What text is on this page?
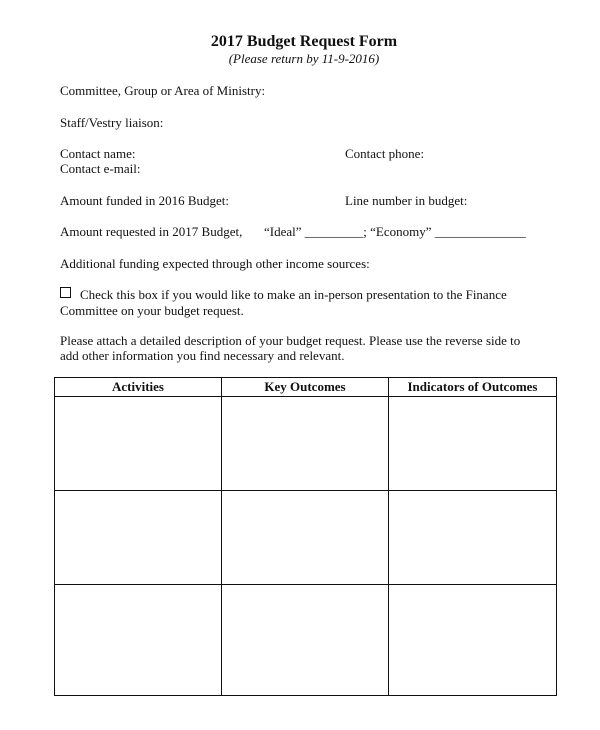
2017 Budget Request Form
(Please return by 11-9-2016)
Committee, Group or Area of Ministry:
Staff/Vestry liaison:
Contact name:	Contact phone:
Contact e-mail:
Amount funded in 2016 Budget:	Line number in budget:
Amount requested in 2017 Budget, “Ideal” _________; “Economy” ______________
Additional funding expected through other income sources:
Check this box if you would like to make an in-person presentation to the Finance
Committee on your budget request.
Please attach a detailed description of your budget request. Please use the reverse side to
add other information you find necessary and relevant.
Activities	Key Outcomes	Indicators of Outcomes
